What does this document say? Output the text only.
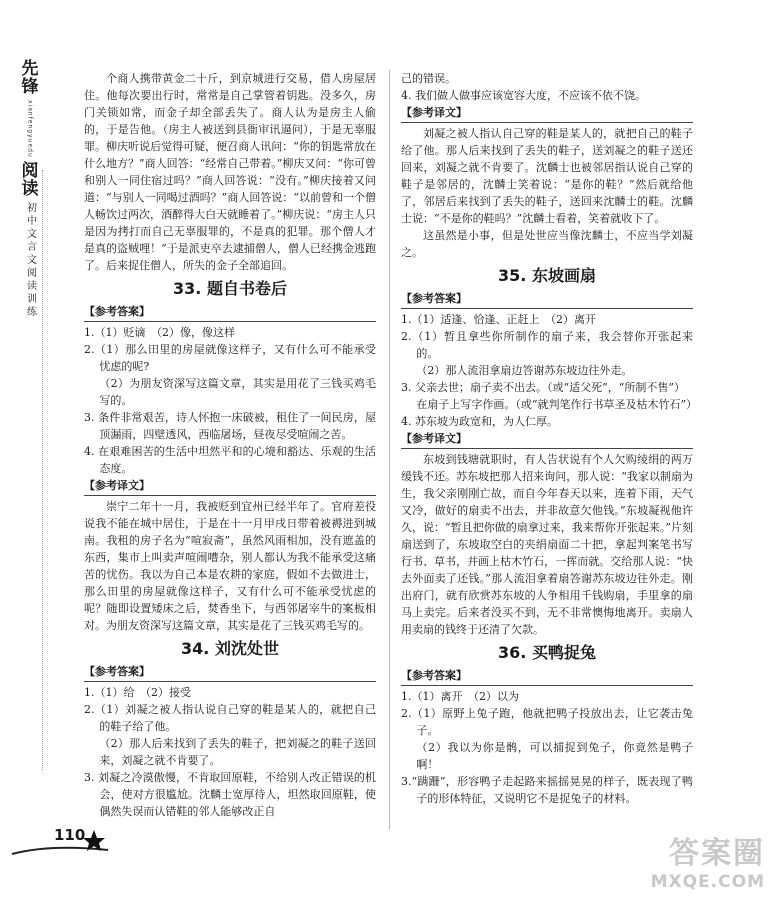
先
锋
xianfengyuedu
阅
读
初中文言文阅读训练

个商人携带黄金二十斤，到京城进行交易，借人房屋居住。他每次要出行时，常常是自己掌管着钥匙。没多久，房门关锁如常，而金子却全部丢失了。商人认为是房主人偷的，于是告他。（房主人被送到县衙审讯逼问），于是无辜服罪。柳庆听说后觉得可疑，便召商人讯问：“你的钥匙常放在什么地方？”商人回答：“经常自己带着。”柳庆又问：“你可曾和别人一同住宿过吗？”商人回答说：“没有。”柳庆接着又问道：“与别人一同喝过酒吗？”商人回答说：“以前曾和一个僧人畅饮过两次，酒醉得大白天就睡着了。”柳庆说：“房主人只是因为拷打而自己无辜服罪的，不是真的犯罪。那个僧人才是真的盗贼哩！”于是派吏卒去逮捕僧人，僧人已经携金逃跑了。后来捉住僧人，所失的金子全部追回。

33. 题自书卷后
【参考答案】

1.（1）贬谪　（2）像，像这样

2.（1）那么田里的房屋就像这样子，又有什么可不能承受忧虑的呢?

（2）为朋友资深写这篇文章，其实是用花了三钱买鸡毛写的。

3. 条件非常艰苦，诗人怀抱一床破被，租住了一间民房，屋顶漏雨，四壁透风，西临屠场，昼夜尽受喧闹之苦。

4. 在艰难困苦的生活中坦然平和的心境和豁达、乐观的生活态度。

【参考译文】

崇宁二年十一月，我被贬到宜州已经半年了。官府差役说我不能在城中居住，于是在十一月甲戌日带着被褥进到城南。我租的房子名为“喧寂斋”，虽然风雨相加，没有遮盖的东西，集市上叫卖声喧闹嘈杂，别人都认为我不能承受这痛苦的忧伤。我以为自己本是农耕的家庭，假如不去做进士，那么田里的房屋就像这样子，又有什么可不能承受忧虑的呢？随即设置矮床之后，焚香坐下，与西邻屠宰牛的案板相对。为朋友资深写这篇文章，其实是花了三钱买鸡毛写的。

34. 刘沈处世
【参考答案】

1.（1）给　（2）接受

2.（1）刘凝之被人指认说自己穿的鞋是某人的，就把自己的鞋子给了他。

（2）那人后来找到了丢失的鞋子，把刘凝之的鞋子送回来，刘凝之就不肯要了。

3. 刘凝之冷漠傲慢，不肯取回原鞋，不给别人改正错误的机会，使对方很尴尬。沈麟士宽厚待人，坦然取回原鞋，使偶然失误而认错鞋的邻人能够改正自

己的错误。

4. 我们做人做事应该宽容大度，不应该不依不饶。

【参考译文】

刘凝之被人指认自己穿的鞋是某人的，就把自己的鞋子给了他。那人后来找到了丢失的鞋子，送刘凝之的鞋子送还回来，刘凝之就不肯要了。沈麟士也被邻居指认说自己穿的鞋子是邻居的，沈麟士笑着说：“是你的鞋？”然后就给他了，邻居后来找到了丢失的鞋子，送回来沈麟士的鞋。沈麟士说：“不是你的鞋吗？”沈麟士看着，笑着就收下了。

这虽然是小事，但是处世应当像沈麟士，不应当学刘凝之。

35. 东坡画扇
【参考答案】

1.（1）适逢、恰逢、正赶上　（2）离开

2.（1）暂且拿些你所制作的扇子来，我会替你开张起来的。

（2）那人流泪拿扇边答谢苏东坡边往外走。

3. 父亲去世；扇子卖不出去。（或“适父死”，“所制不售”）

在扇子上写字作画。（或“就判笔作行书草圣及枯木竹石”）

4. 苏东坡为政宽和，为人仁厚。

【参考译文】

东坡到钱塘就职时，有人告状说有个人欠购绫绢的两万缓钱不还。苏东坡把那人招来询问，那人说：“我家以制扇为生，我父亲刚刚亡故，而自今年春天以来，连着下雨，天气又冷，做好的扇卖不出去，并非故意欠他钱。”东坡凝视他许久，说：“暂且把你做的扇拿过来，我来帮你开张起来。”片刻扇送到了，东坡取空白的夹绢扇面二十把，拿起判案笔书写行书、草书，并画上枯木竹石，一挥而就。交给那人说：“快去外面卖了还钱。”那人流泪拿着扇答谢苏东坡边往外走。刚出府门，就有欣赏苏东坡的人争相用千钱购扇，手里拿的扇马上卖完。后来者没买不到，无不非常懊悔地离开。卖扇人用卖扇的钱终于还清了欠款。

36. 买鸭捉兔
【参考答案】

1.（1）离开　（2）以为

2.（1）原野上兔子跑，他就把鸭子投放出去，让它袭击兔子。

（2）我以为你是鹘，可以捕捉到兔子，你竟然是鸭子啊！

3.“蹒跚”，形容鸭子走起路来摇摇晃晃的样子，既表现了鸭子的形体特征，又说明它不是捉兔子的材料。

110
答案圈
MXQE.COM
